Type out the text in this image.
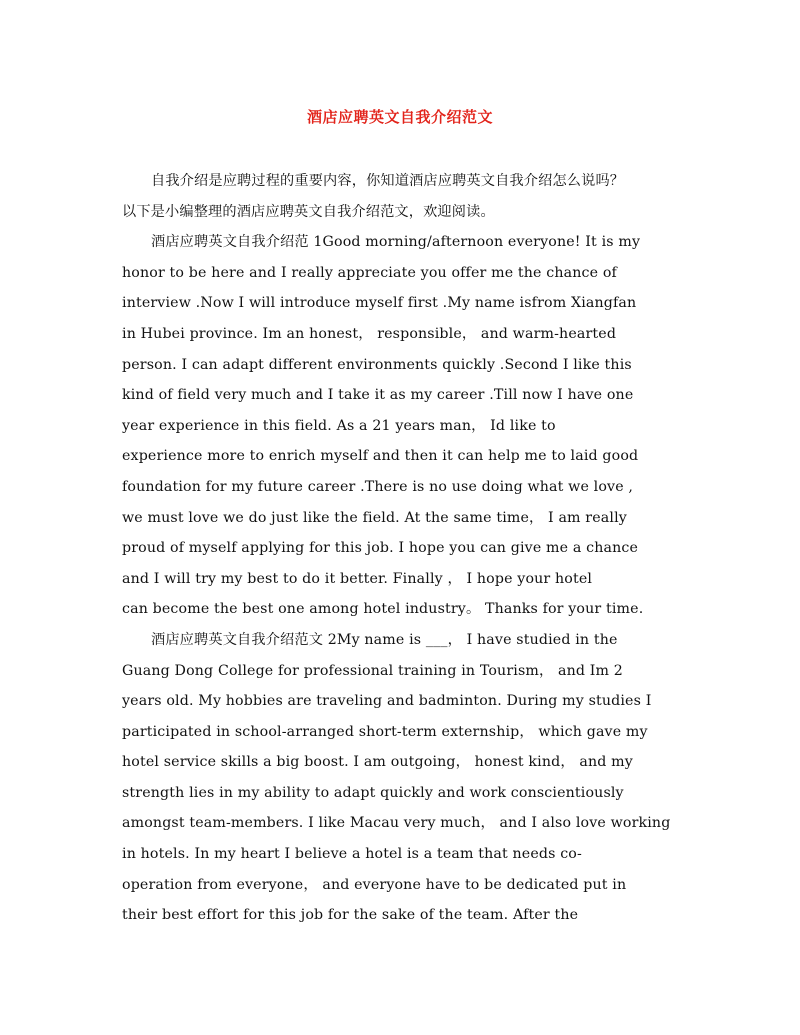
酒店应聘英文自我介绍范文
自我介绍是应聘过程的重要内容，你知道酒店应聘英文自我介绍怎么说吗？
以下是小编整理的酒店应聘英文自我介绍范文，欢迎阅读。
酒店应聘英文自我介绍范 1Good morning/afternoon everyone! It is my
honor to be here and I really appreciate you offer me the chance of
interview .Now I will introduce myself first .My name isfrom Xiangfan
in Hubei province. Im an honest， responsible， and warm-hearted
person. I can adapt different environments quickly .Second I like this
kind of field very much and I take it as my career .Till now I have one
year experience in this field. As a 21 years man， Id like to
experience more to enrich myself and then it can help me to laid good
foundation for my future career .There is no use doing what we love ,
we must love we do just like the field. At the same time， I am really
proud of myself applying for this job. I hope you can give me a chance
and I will try my best to do it better. Finally ， I hope your hotel
can become the best one among hotel industry。 Thanks for your time.
酒店应聘英文自我介绍范文 2My name is ___， I have studied in the
Guang Dong College for professional training in Tourism， and Im 2
years old. My hobbies are traveling and badminton. During my studies I
participated in school-arranged short-term externship， which gave my
hotel service skills a big boost. I am outgoing， honest kind， and my
strength lies in my ability to adapt quickly and work conscientiously
amongst team-members. I like Macau very much， and I also love working
in hotels. In my heart I believe a hotel is a team that needs co-
operation from everyone， and everyone have to be dedicated put in
their best effort for this job for the sake of the team. After the
